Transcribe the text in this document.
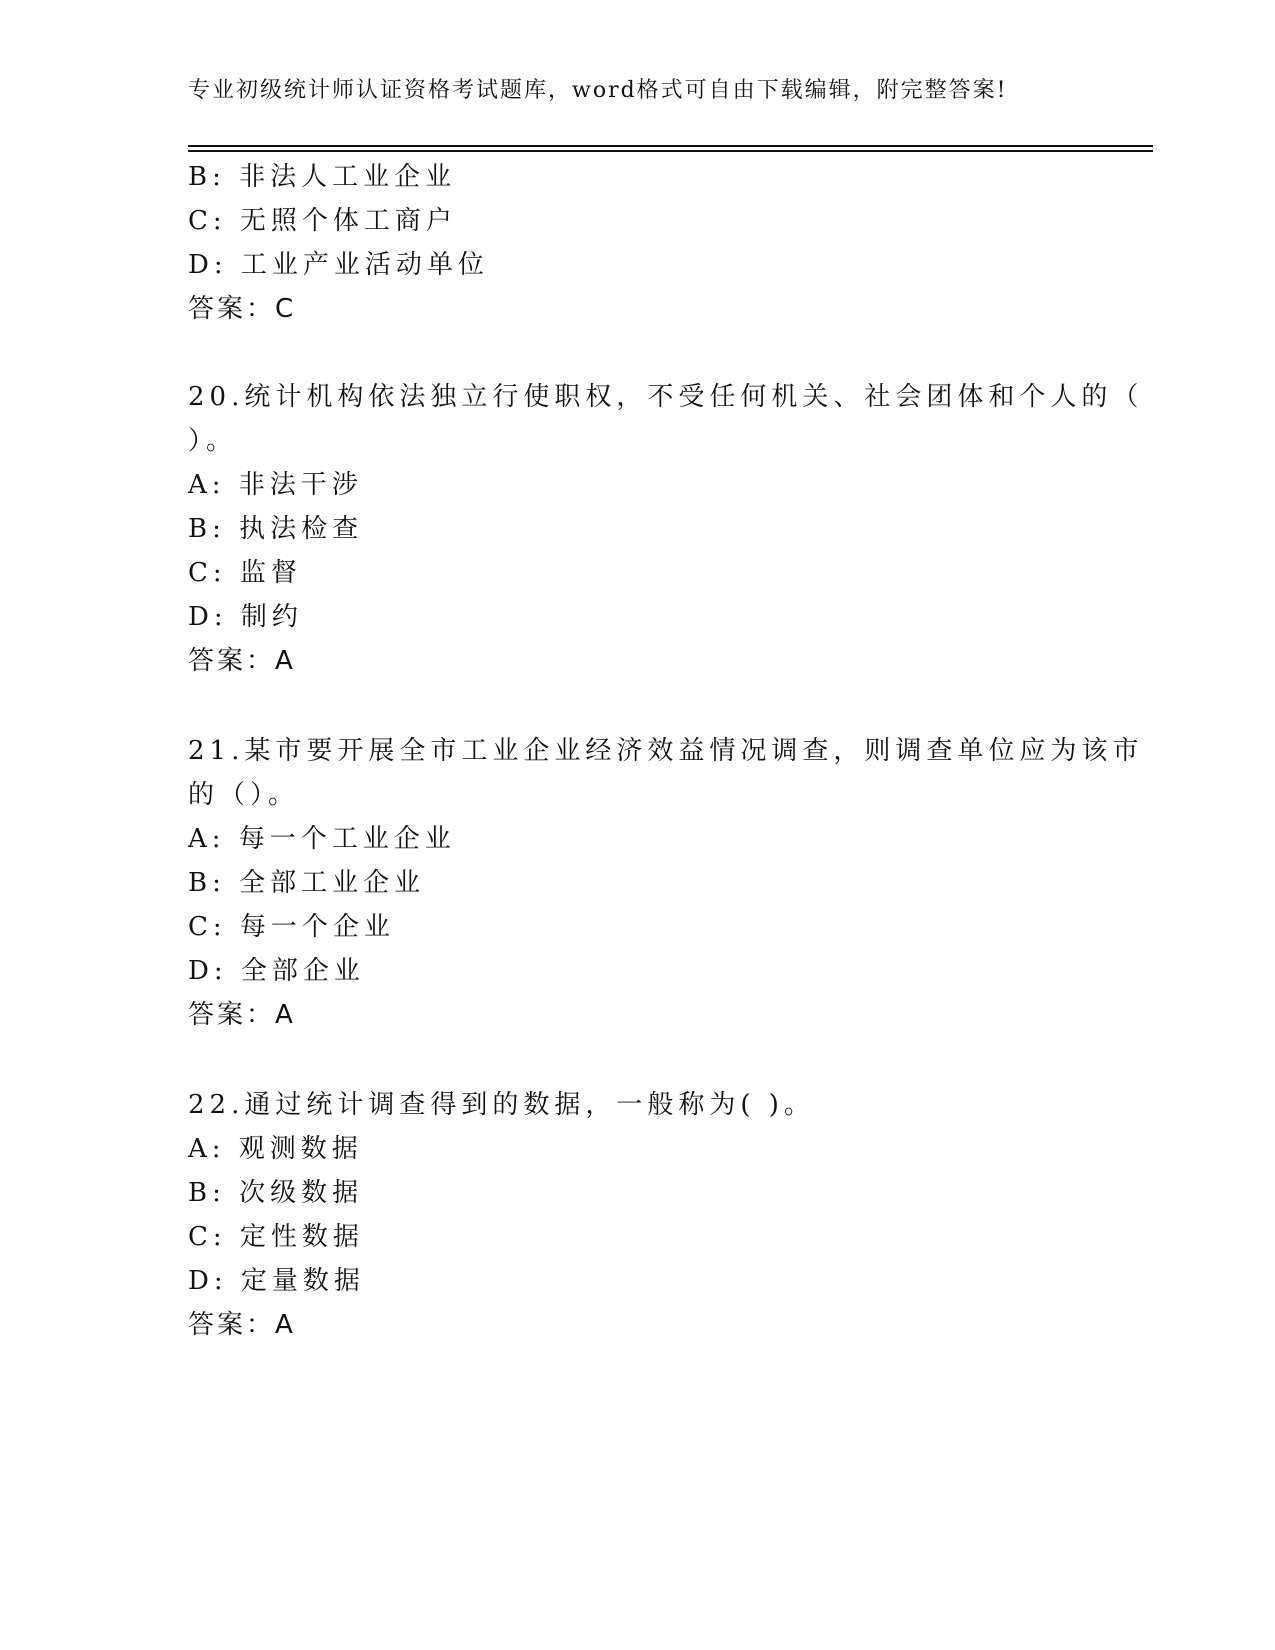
专业初级统计师认证资格考试题库，word格式可自由下载编辑，附完整答案!
B: 非法人工业企业
C: 无照个体工商户
D: 工业产业活动单位
答案：C
20.统计机构依法独立行使职权，不受任何机关、社会团体和个人的（
）。
A: 非法干涉
B: 执法检查
C: 监督
D: 制约
答案：A
21.某市要开展全市工业企业经济效益情况调查，则调查单位应为该市
的（）。
A: 每一个工业企业
B: 全部工业企业
C: 每一个企业
D: 全部企业
答案：A
22.通过统计调查得到的数据，一般称为( )。
A: 观测数据
B: 次级数据
C: 定性数据
D: 定量数据
答案：A
